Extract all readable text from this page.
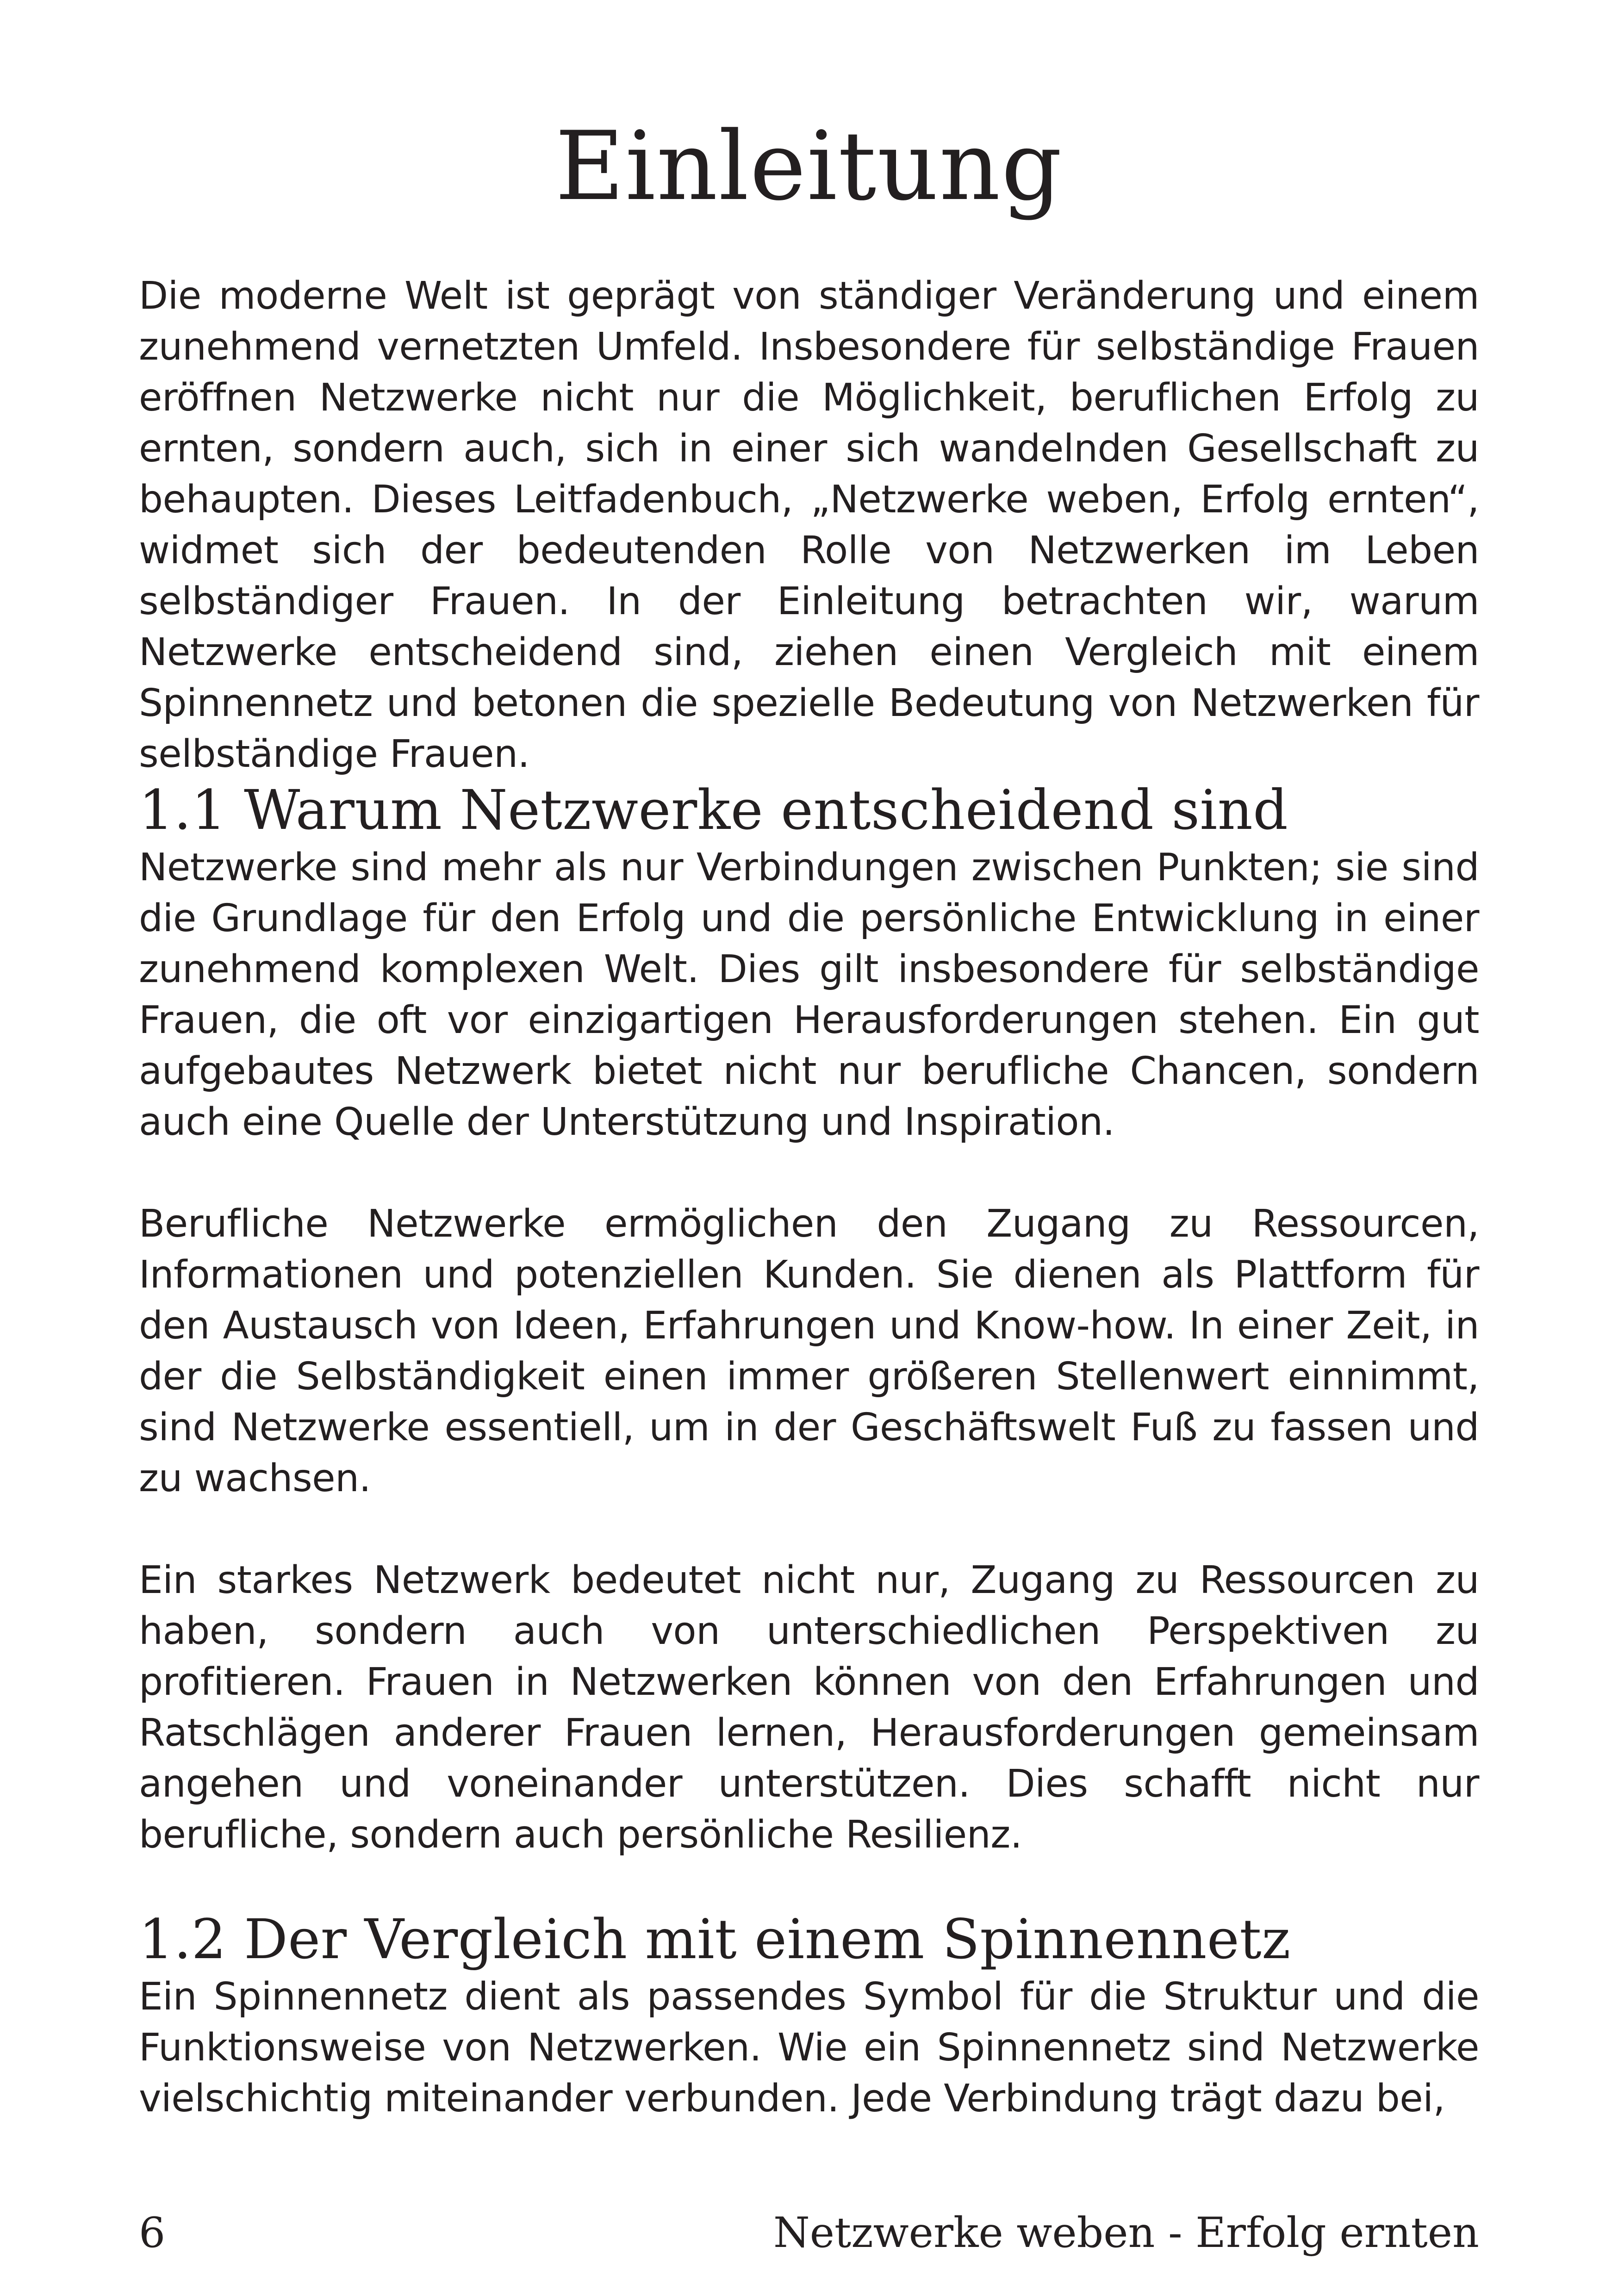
Einleitung

Die moderne Welt ist geprägt von ständiger Veränderung und einem zunehmend vernetzten Umfeld. Insbesondere für selbständige Frauen eröffnen Netzwerke nicht nur die Möglichkeit, beruflichen Erfolg zu ernten, sondern auch, sich in einer sich wandelnden Gesellschaft zu behaupten. Dieses Leitfadenbuch, „Netzwerke weben, Erfolg ernten“, widmet sich der bedeutenden Rolle von Netzwerken im Leben selbständiger Frauen. In der Einleitung betrachten wir, warum Netzwerke entscheidend sind, ziehen einen Vergleich mit einem Spinnennetz und betonen die spezielle Bedeutung von Netzwerken für selbständige Frauen.

1.1 Warum Netzwerke entscheidend sind

Netzwerke sind mehr als nur Verbindungen zwischen Punkten; sie sind die Grundlage für den Erfolg und die persönliche Entwicklung in einer zunehmend komplexen Welt. Dies gilt insbesondere für selbständige Frauen, die oft vor einzigartigen Herausforderungen stehen. Ein gut aufgebautes Netzwerk bietet nicht nur berufliche Chancen, sondern auch eine Quelle der Unterstützung und Inspiration.

Berufliche Netzwerke ermöglichen den Zugang zu Ressourcen, Informationen und potenziellen Kunden. Sie dienen als Plattform für den Austausch von Ideen, Erfahrungen und Know-how. In einer Zeit, in der die Selbständigkeit einen immer größeren Stellenwert einnimmt, sind Netzwerke essentiell, um in der Geschäftswelt Fuß zu fassen und zu wachsen.

Ein starkes Netzwerk bedeutet nicht nur, Zugang zu Ressourcen zu haben, sondern auch von unterschiedlichen Perspektiven zu profitieren. Frauen in Netzwerken können von den Erfahrungen und Ratschlägen anderer Frauen lernen, Herausforderungen gemeinsam angehen und voneinander unterstützen. Dies schafft nicht nur berufliche, sondern auch persönliche Resilienz.

1.2 Der Vergleich mit einem Spinnennetz

Ein Spinnennetz dient als passendes Symbol für die Struktur und die Funktionsweise von Netzwerken. Wie ein Spinnennetz sind Netzwerke vielschichtig miteinander verbunden. Jede Verbindung trägt dazu bei,

6	Netzwerke weben - Erfolg ernten
